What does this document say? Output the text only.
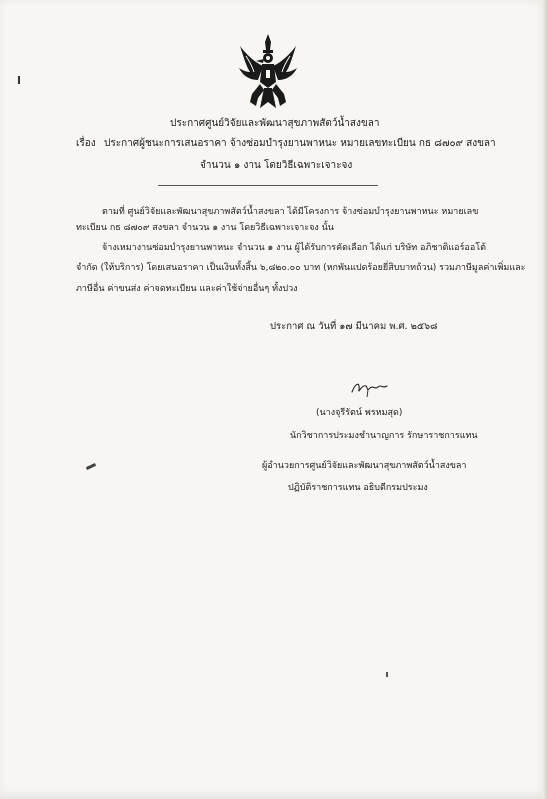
ประกาศศูนย์วิจัยและพัฒนาสุขภาพสัตว์น้ำสงขลา
เรื่อง ประกาศผู้ชนะการเสนอราคา จ้างซ่อมบำรุงยานพาหนะ หมายเลขทะเบียน กธ ๘๗๐๙ สงขลา
จำนวน ๑ งาน โดยวิธีเฉพาะเจาะจง
ตามที่ ศูนย์วิจัยและพัฒนาสุขภาพสัตว์น้ำสงขลา ได้มีโครงการ จ้างซ่อมบำรุงยานพาหนะ หมายเลข
ทะเบียน กธ ๘๗๐๙ สงขลา จำนวน ๑ งาน โดยวิธีเฉพาะเจาะจง นั้น
จ้างเหมางานซ่อมบำรุงยานพาหนะ จำนวน ๑ งาน ผู้ได้รับการคัดเลือก ได้แก่ บริษัท อภิชาติแอร์ออโต้
จำกัด (ให้บริการ) โดยเสนอราคา เป็นเงินทั้งสิ้น ๖,๘๒๐.๐๐ บาท (หกพันแปดร้อยยี่สิบบาทถ้วน) รวมภาษีมูลค่าเพิ่มและ
ภาษีอื่น ค่าขนส่ง ค่าจดทะเบียน และค่าใช้จ่ายอื่นๆ ทั้งปวง
ประกาศ ณ วันที่ ๑๗ มีนาคม พ.ศ. ๒๕๖๘
(นางจุรีรัตน์ พรหมสุด)
นักวิชาการประมงชำนาญการ รักษาราชการแทน
ผู้อำนวยการศูนย์วิจัยและพัฒนาสุขภาพสัตว์น้ำสงขลา
ปฏิบัติราชการแทน อธิบดีกรมประมง
